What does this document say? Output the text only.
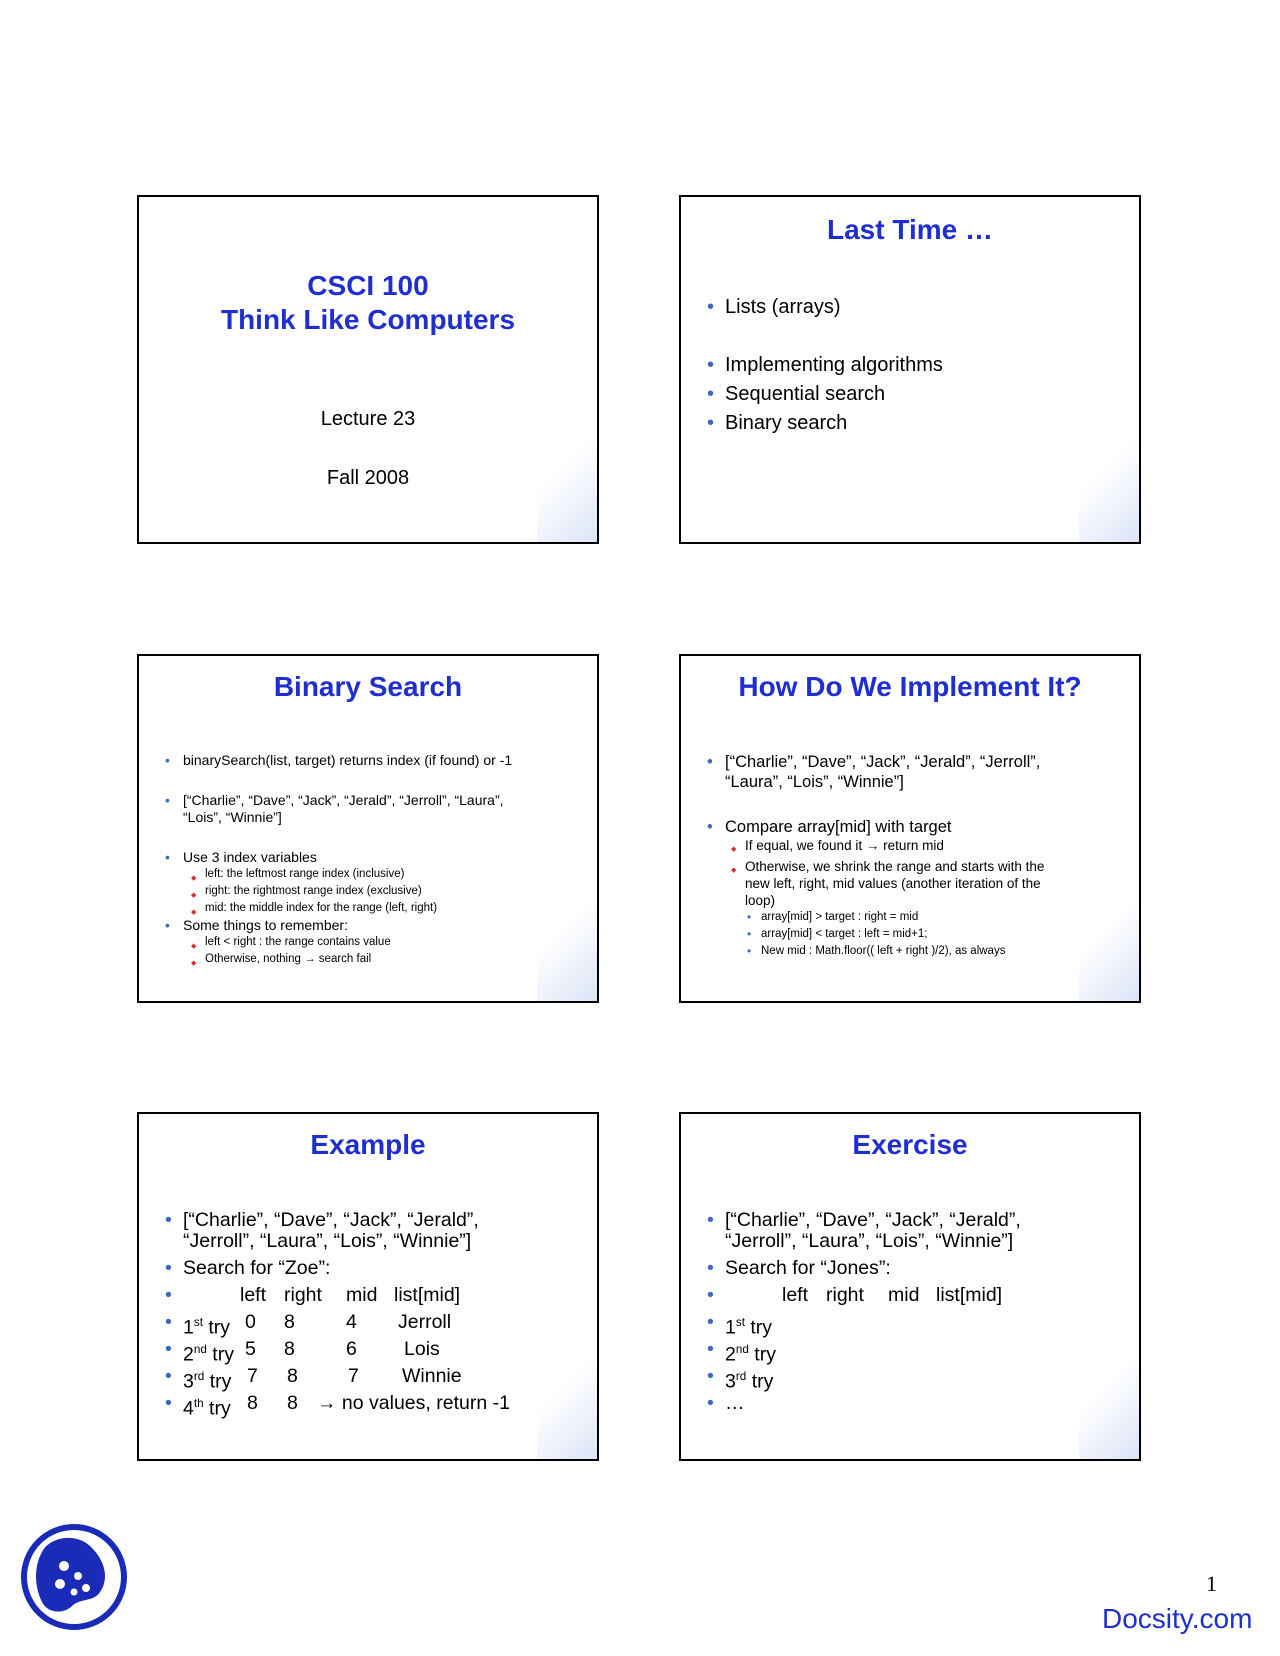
CSCI 100
Think Like Computers
Lecture 23
Fall 2008
Last Time …
• Lists (arrays)
• Implementing algorithms
• Sequential search
• Binary search
Binary Search
• binarySearch(list, target) returns index (if found) or -1
• [“Charlie”, “Dave”, “Jack”, “Jerald”, “Jerroll”, “Laura”,
“Lois”, “Winnie”]
• Use 3 index variables
◆ left: the leftmost range index (inclusive)
◆ right: the rightmost range index (exclusive)
◆ mid: the middle index for the range (left, right)
• Some things to remember:
◆ left < right : the range contains value
◆ Otherwise, nothing → search fail
How Do We Implement It?
• [“Charlie”, “Dave”, “Jack”, “Jerald”, “Jerroll”,
“Laura”, “Lois”, “Winnie”]
• Compare array[mid] with target
◆ If equal, we found it → return mid
◆ Otherwise, we shrink the range and starts with the
new left, right, mid values (another iteration of the
loop)
• array[mid] > target : right = mid
• array[mid] < target : left = mid+1;
• New mid : Math.floor(( left + right )/2), as always
Example
• [“Charlie”, “Dave”, “Jack”, “Jerald”,
“Jerroll”, “Laura”, “Lois”, “Winnie”]
• Search for “Zoe”:
• left right mid list[mid]
• 1st try 0 8	4 Jerroll
• 2nd try 5 8	6 Lois
• 3rd try 7 8	7 Winnie
• 4th try 8 8 → no values, return -1
Exercise
• [“Charlie”, “Dave”, “Jack”, “Jerald”,
“Jerroll”, “Laura”, “Lois”, “Winnie”]
• Search for “Jones”:
• left right mid list[mid]
• 1st try
• 2nd try
• 3rd try
• …
1
Docsity.com
